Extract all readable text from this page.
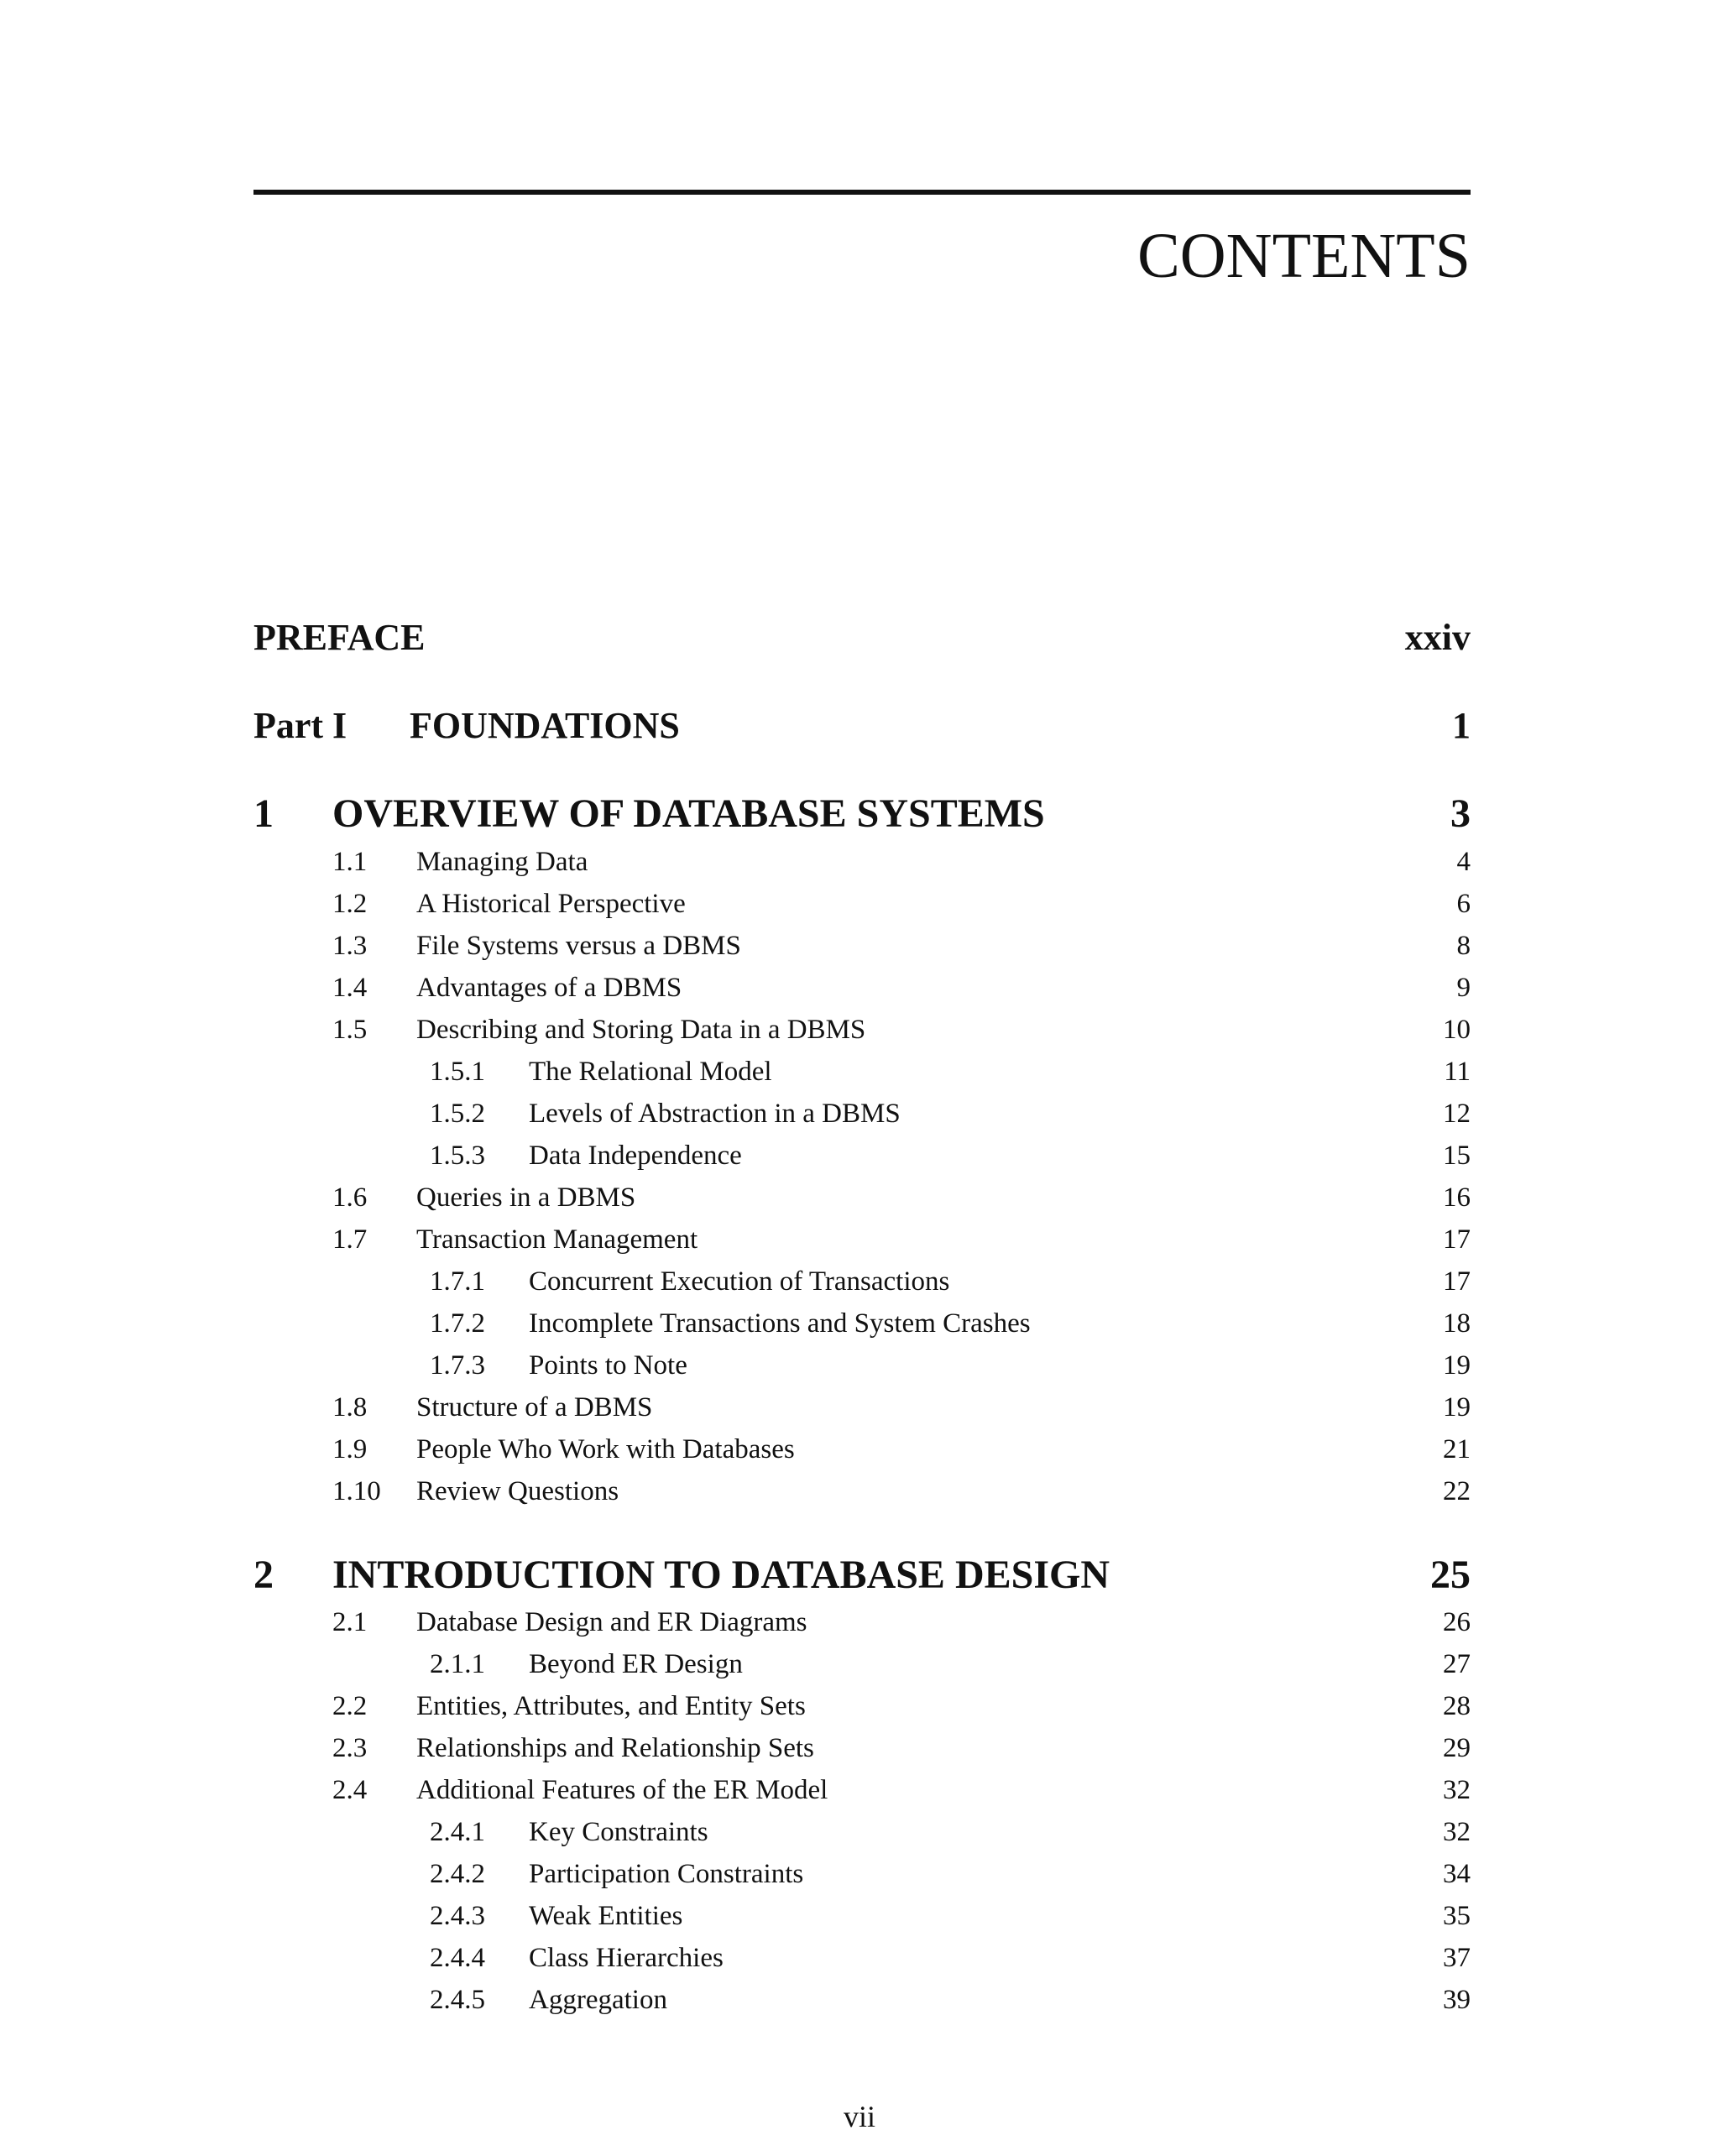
CONTENTS
PREFACE	xxiv
Part I FOUNDATIONS	1
1 OVERVIEW OF DATABASE SYSTEMS	3
1.1 Managing Data	4
1.2 A Historical Perspective	6
1.3 File Systems versus a DBMS	8
1.4 Advantages of a DBMS	9
1.5 Describing and Storing Data in a DBMS	10
1.5.1 The Relational Model	11
1.5.2 Levels of Abstraction in a DBMS	12
1.5.3 Data Independence	15
1.6 Queries in a DBMS	16
1.7 Transaction Management	17
1.7.1 Concurrent Execution of Transactions	17
1.7.2 Incomplete Transactions and System Crashes	18
1.7.3 Points to Note	19
1.8 Structure of a DBMS	19
1.9 People Who Work with Databases	21
1.10 Review Questions	22
2 INTRODUCTION TO DATABASE DESIGN	25
2.1 Database Design and ER Diagrams	26
2.1.1 Beyond ER Design	27
2.2 Entities, Attributes, and Entity Sets	28
2.3 Relationships and Relationship Sets	29
2.4 Additional Features of the ER Model	32
2.4.1 Key Constraints	32
2.4.2 Participation Constraints	34
2.4.3 Weak Entities	35
2.4.4 Class Hierarchies	37
2.4.5 Aggregation	39
vii
